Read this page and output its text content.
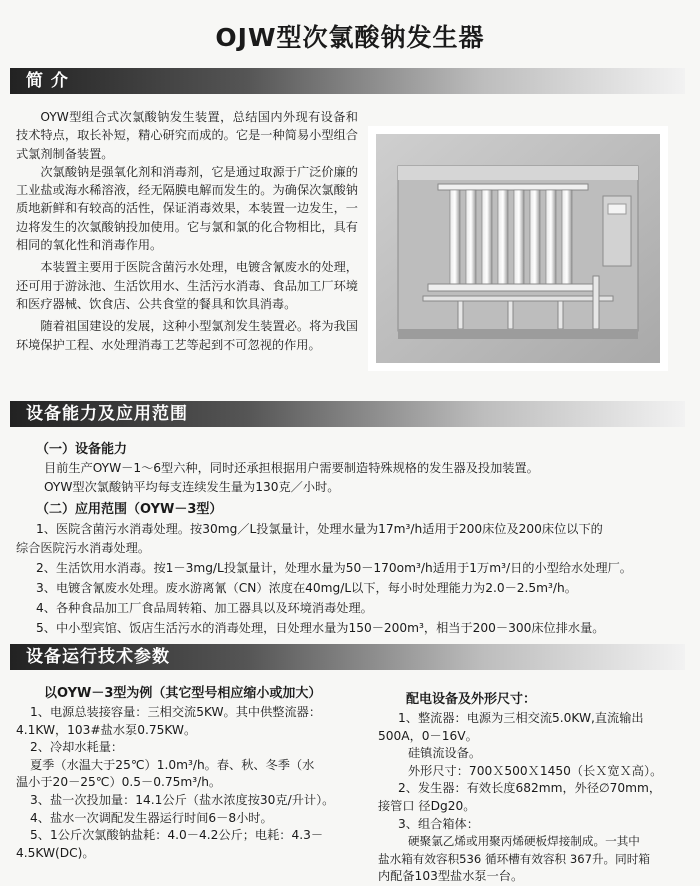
OJW型次氯酸钠发生器
简 介

OYW型组合式次氯酸钠发生装置，总结国内外现有设备和技术特点，取长补短，精心研究而成的。它是一种简易小型组合式氯剂制备装置。

次氯酸钠是强氧化剂和消毒剂，它是通过取源于广泛价廉的工业盐或海水稀溶液，经无隔膜电解而发生的。为确保次氯酸钠质地新鲜和有较高的活性，保证消毒效果，本装置一边发生，一边将发生的次氯酸钠投加使用。它与氯和氯的化合物相比，具有相同的氧化性和消毒作用。

本装置主要用于医院含菌污水处理，电镀含氰废水的处理，还可用于游泳池、生活饮用水、生活污水消毒、食品加工厂环境和医疗器械、饮食店、公共食堂的餐具和饮具消毒。

随着祖国建设的发展，这种小型氯剂发生装置必。将为我国环境保护工程、水处理消毒工艺等起到不可忽视的作用。

设备能力及应用范围
（一）设备能力
目前生产OYW－1～6型六种，同时还承担根据用户需要制造特殊规格的发生器及投加装置。
OYW型次氯酸钠平均每支连续发生量为130克／小时。
（二）应用范围（OYW－3型）
1、医院含菌污水消毒处理。按30mg／L投氯量计，处理水量为17m³/h适用于200床位及200床位以下的
综合医院污水消毒处理。
2、生活饮用水消毒。按1－3mg/L投氯量计，处理水量为50－170om³/h适用于1万m³/日的小型给水处理厂。
3、电镀含氰废水处理。废水游离氰（CN）浓度在40mg/L以下，每小时处理能力为2.0－2.5m³/h。
4、各种食品加工厂食品周转箱、加工器具以及环境消毒处理。
5、中小型宾馆、饭店生活污水的消毒处理，日处理水量为150－200m³，相当于200－300床位排水量。
设备运行技术参数
以OYW－3型为例（其它型号相应缩小或加大）
1、电源总装接容量：三相交流5KW。其中供整流器：
4.1KW，103#盐水泵0.75KW。
2、冷却水耗量：
夏季（水温大于25℃）1.0m³/h。春、秋、冬季（水
温小于20－25℃）0.5－0.75m³/h。
3、盐一次投加量：14.1公斤（盐水浓度按30克/升计）。
4、盐水一次调配发生器运行时间6－8小时。
5、1公斤次氯酸钠盐耗：4.0－4.2公斤；电耗：4.3－
4.5KW(DC)。
配电设备及外形尺寸：
1、整流器：电源为三相交流5.0KW,直流输出
500A，0－16V。
硅镇流设备。
外形尺寸：700Ｘ500Ｘ1450（长Ｘ宽Ｘ高）。
2、发生器：有效长度682mm，外径∅70mm，
接管口 径Dg20。
3、组合箱体：
硬聚氯乙烯或用聚丙烯硬板焊接制成。一其中
盐水箱有效容积536 循环槽有效容积 367升。同时箱
内配备103型盐水泵一台。
